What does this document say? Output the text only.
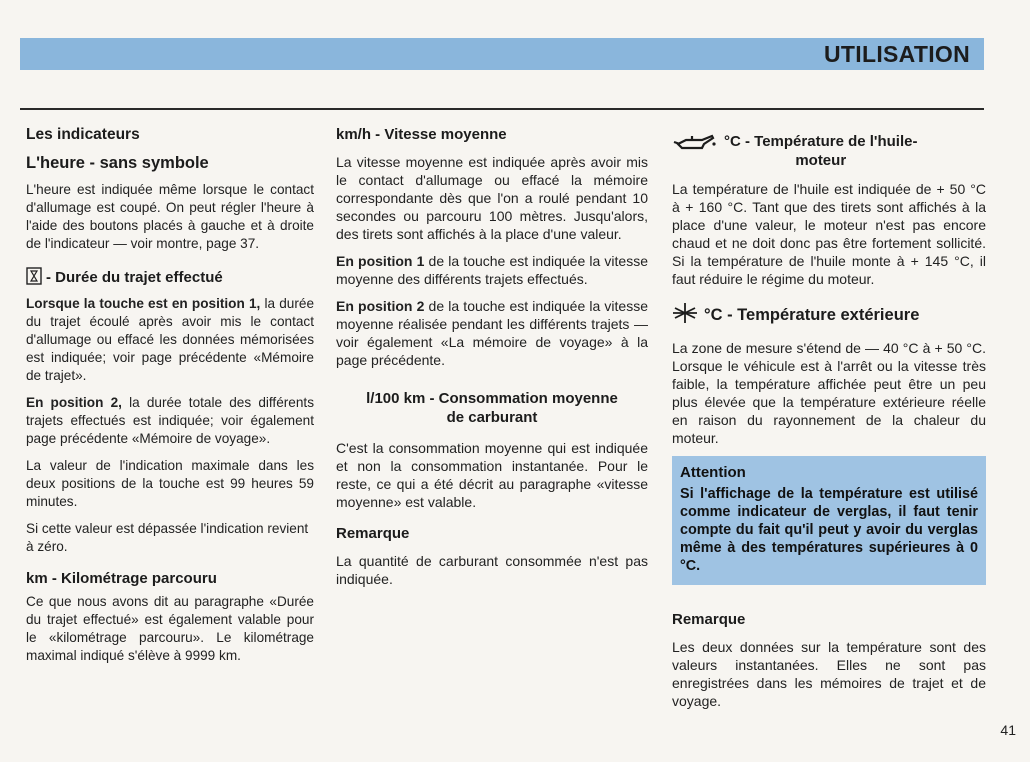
UTILISATION
Les indicateurs
L'heure - sans symbole

L'heure est indiquée même lorsque le contact d'allumage est coupé. On peut régler l'heure à l'aide des boutons placés à gauche et à droite de l'indicateur — voir montre, page 37.

- Durée du trajet effectué

Lorsque la touche est en position 1, la durée du trajet écoulé après avoir mis le contact d'allumage ou effacé les données mémorisées est indiquée; voir page précédente «Mémoire de trajet».

En position 2, la durée totale des différents trajets effectués est indiquée; voir également page précédente «Mémoire de voyage».

La valeur de l'indication maximale dans les deux positions de la touche est 99 heures 59 minutes.

Si cette valeur est dépassée l'indication revient à zéro.

km - Kilométrage parcouru

Ce que nous avons dit au paragraphe «Durée du trajet effectué» est également valable pour le «kilométrage parcouru». Le kilométrage maximal indiqué s'élève à 9999 km.

km/h - Vitesse moyenne

La vitesse moyenne est indiquée après avoir mis le contact d'allumage ou effacé la mémoire correspondante dès que l'on a roulé pendant 10 secondes ou parcouru 100 mètres. Jusqu'alors, des tirets sont affichés à la place d'une valeur.

En position 1 de la touche est indiquée la vitesse moyenne des différents trajets effectués.

En position 2 de la touche est indiquée la vitesse moyenne réalisée pendant les différents trajets — voir également «La mémoire de voyage» à la page précédente.

l/100 km - Consommation moyenne
de carburant

C'est la consommation moyenne qui est indiquée et non la consommation instantanée. Pour le reste, ce qui a été décrit au paragraphe «vitesse moyenne» est valable.

Remarque

La quantité de carburant consommée n'est pas indiquée.

°C - Température de l'huile-
moteur

La température de l'huile est indiquée de + 50 °C à + 160 °C. Tant que des tirets sont affichés à la place d'une valeur, le moteur n'est pas encore chaud et ne doit donc pas être fortement sollicité. Si la température de l'huile monte à + 145 °C, il faut réduire le régime du moteur.

°C - Température extérieure

La zone de mesure s'étend de — 40 °C à + 50 °C. Lorsque le véhicule est à l'arrêt ou la vitesse très faible, la température affichée peut être un peu plus élevée que la température extérieure réelle en raison du rayonnement de la chaleur du moteur.

Attention
Si l'affichage de la température est utilisé comme indicateur de verglas, il faut tenir compte du fait qu'il peut y avoir du verglas même à des températures supérieures à 0 °C.
Remarque

Les deux données sur la température sont des valeurs instantanées. Elles ne sont pas enregistrées dans les mémoires de trajet et de voyage.

41
